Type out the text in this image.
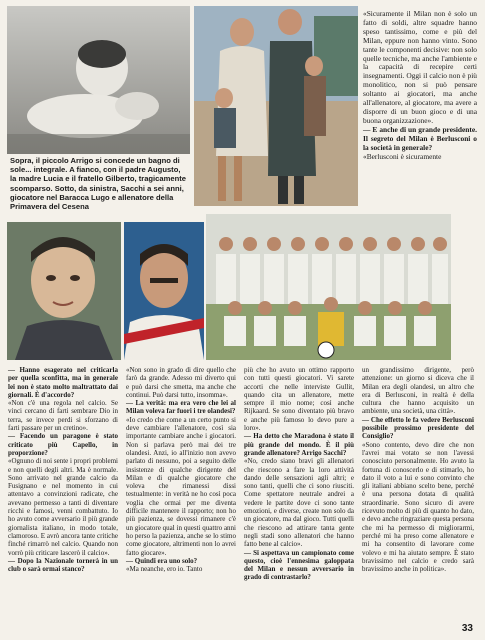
Sopra, il piccolo Arrigo si concede un bagno di sole... integrale. A fianco, con il padre Augusto, la madre Lucia e il fratello Gilberto, tragicamente scomparso. Sotto, da sinistra, Sacchi a sei anni, giocatore nel Baracca Lugo e allenatore della Primavera del Cesena

«Sicuramente il Milan non è solo un fatto di soldi, altre squadre hanno speso tantissimo, come e più del Milan, eppure non hanno vinto. Sono tante le componenti decisive: non solo quelle tecniche, ma anche l'ambiente e la capacità di recepire certi insegnamenti. Oggi il calcio non è più monolitico, non si può pensare soltanto ai giocatori, ma anche all'allenatore, al giocatore, ma avere a disporre di un buon gioco e di una buona organizzazione».

— E anche di un grande presidente. Il segreto del Milan è Berlusconi o la società in generale?

«Berlusconi è sicuramente

— Hanno esagerato nel criticarla per quella sconfitta, ma in generale lei non è stato molto maltrattato dai giornali. È d'accordo?

«Non c'è una regola nel calcio. Se vinci cercano di farti sembrare Dio in terra, se invece perdi si sforzano di farti passare per un cretino».

— Facendo un paragone è stato criticato più Capello, in proporzione?

«Ognuno di noi sente i propri problemi e non quelli degli altri. Ma è normale. Sono arrivato nel grande calcio da Fusignano e nel momento in cui attentavo a convinzioni radicate, che avevano permesso a tanti di diventare ricchi e famosi, venni combattuto. Io ho avuto come avversario il più grande giornalista italiano, in modo totale, clamoroso. E avrò ancora tante critiche finché rimarrò nel calcio. Quando non vorrò più criticare lascerò il calcio».

— Dopo la Nazionale tornerà in un club o sarà ormai stanco?

«Non sono in grado di dire quello che farò da grande. Adesso mi diverto qui e può darsi che smetta, ma anche che continui. Può darsi tutto, insomma».

— La verità: ma era vero che lei al Milan voleva far fuori i tre olandesi?

«Io credo che come a un certo punto si deve cambiare l'allenatore, così sia importante cambiare anche i giocatori. Non si parlava però mai dei tre olandesi. Anzi, io all'inizio non avevo parlato di nessuno, poi a seguito delle insistenze di qualche dirigente del Milan e di qualche giocatore che voleva che rimanessi dissi testualmente: in verità ne ho così poca voglia che ormai per me diventa difficile mantenere il rapporto; non ho più pazienza, se dovessi rimanere c'è un giocatore qual in questi quattro anni ho perso la pazienza, anche se lo stimo come giocatore, altrimenti non lo avrei fatto giocare».

— Quindi era uno solo?

«Ma neanche, ero io. Tanto

più che ho avuto un ottimo rapporto con tutti questi giocatori. Vi sarete accorti che nelle interviste Gullit, quando cita un allenatore, mette sempre il mio nome; così anche Rijkaard. Se sono diventato più bravo e anche più famoso lo devo pure a loro».

— Ha detto che Maradona è stato il più grande del mondo. È il più grande allenatore? Arrigo Sacchi?

«No, credo siano bravi gli allenatori che riescono a fare la loro attività dando delle sensazioni agli altri; e sono tanti, quelli che ci sono riusciti. Come spettatore neutrale andrei a vedere le partite dove ci sono tante emozioni, e diverse, create non solo da un giocatore, ma dal gioco. Tutti quelli che riescono ad attirare tanta gente negli stadi sono allenatori che hanno fatto bene al calcio».

— Si aspettava un campionato come questo, cioè l'ennesima galoppata del Milan e nessun avversario in grado di contrastarlo?

un grandissimo dirigente, però attenzione: un giorno si diceva che il Milan era degli olandesi, un altro che era di Berlusconi, in realtà è della cultura che hanno acquisito un ambiente, una società, una città».

— Che effetto le fa vedere Berlusconi possibile prossimo presidente del Consiglio?

«Sono contento, devo dire che non l'avrei mai votato se non l'avessi conosciuto personalmente. Ho avuto la fortuna di conoscerlo e di stimarlo, ho dato il voto a lui e sono convinto che gli italiani abbiano scelto bene, perché è una persona dotata di qualità straordinarie. Sono sicuro di avere ricevuto molto di più di quanto ho dato, e devo anche ringraziare questa persona che mi ha permesso di migliorarmi, perché mi ha preso come allenatore e mi ha consentito di lavorare come volevo e mi ha aiutato sempre. È stato bravissimo nel calcio e credo sarà bravissimo anche in politica».

33
